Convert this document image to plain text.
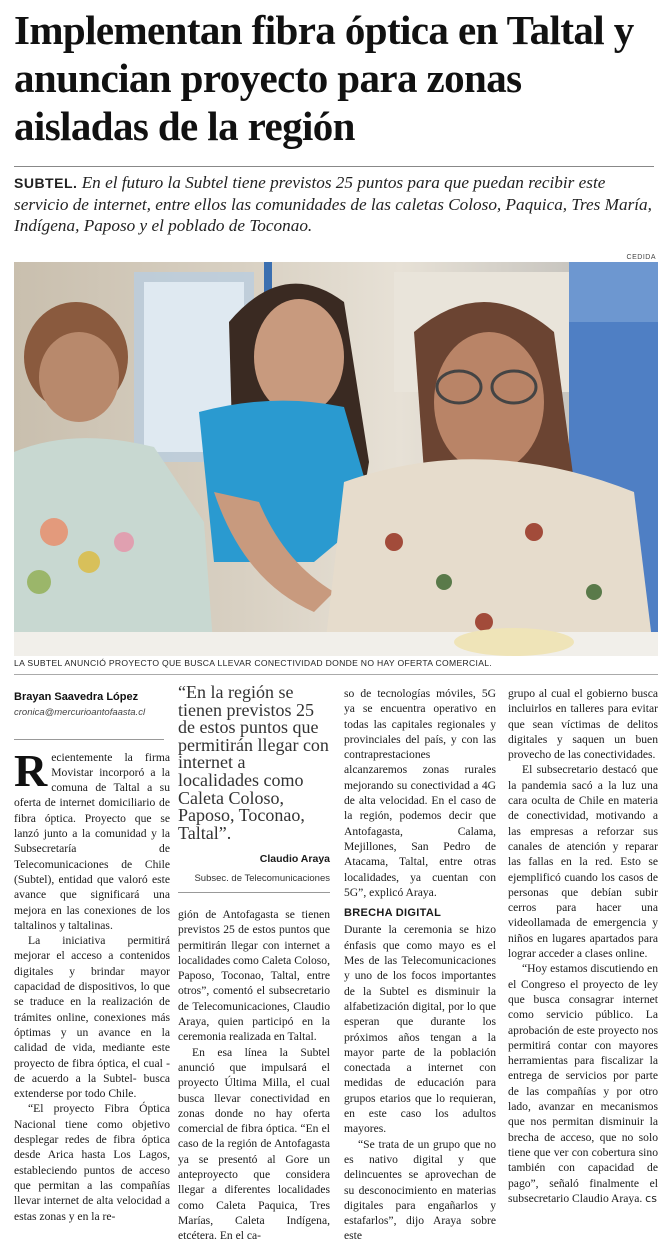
Implementan fibra óptica en Taltal y anuncian proyecto para zonas aisladas de la región
SUBTEL. En el futuro la Subtel tiene previstos 25 puntos para que puedan recibir este servicio de internet, entre ellos las comunidades de las caletas Coloso, Paquica, Tres María, Indígena, Paposo y el poblado de Toconao.
CEDIDA
LA SUBTEL ANUNCIÓ PROYECTO QUE BUSCA LLEVAR CONECTIVIDAD DONDE NO HAY OFERTA COMERCIAL.
Brayan Saavedra López
cronica@mercurioantofaasta.cl

Recientemente la firma Movistar incorporó a la comuna de Taltal a su oferta de internet domiciliario de fibra óptica. Proyecto que se lanzó junto a la comunidad y la Subsecretaría de Telecomunicaciones de Chile (Subtel), entidad que valoró este avance que significará una mejora en las conexiones de los taltalinos y taltalinas.

La iniciativa permitirá mejorar el acceso a contenidos digitales y brindar mayor capacidad de dispositivos, lo que se traduce en la realización de trámites online, conexiones más óptimas y un avance en la calidad de vida, mediante este proyecto de fibra óptica, el cual -de acuerdo a la Subtel- busca extenderse por todo Chile.

“El proyecto Fibra Óptica Nacional tiene como objetivo desplegar redes de fibra óptica desde Arica hasta Los Lagos, estableciendo puntos de acceso que permitan a las compañías llevar internet de alta velocidad a estas zonas y en la re-

“En la región se tienen previstos 25 de estos puntos que permitirán llegar con internet a localidades como Caleta Coloso, Paposo, Toconao, Taltal”.
Claudio Araya
Subsec. de Telecomunicaciones

gión de Antofagasta se tienen previstos 25 de estos puntos que permitirán llegar con internet a localidades como Caleta Coloso, Paposo, Toconao, Taltal, entre otros”, comentó el subsecretario de Telecomunicaciones, Claudio Araya, quien participó en la ceremonia realizada en Taltal.

En esa línea la Subtel anunció que impulsará el proyecto Última Milla, el cual busca llevar conectividad en zonas donde no hay oferta comercial de fibra óptica. “En el caso de la región de Antofagasta ya se presentó al Gore un anteproyecto que considera llegar a diferentes localidades como Caleta Paquica, Tres Marías, Caleta Indígena, etcétera. En el ca-

so de tecnologías móviles, 5G ya se encuentra operativo en todas las capitales regionales y provinciales del país, y con las contraprestaciones alcanzaremos zonas rurales mejorando su conectividad a 4G de alta velocidad. En el caso de la región, podemos decir que Antofagasta, Calama, Mejillones, San Pedro de Atacama, Taltal, entre otras localidades, ya cuentan con 5G”, explicó Araya.

BRECHA DIGITAL

Durante la ceremonia se hizo énfasis que como mayo es el Mes de las Telecomunicaciones y uno de los focos importantes de la Subtel es disminuir la alfabetización digital, por lo que esperan que durante los próximos años tengan a la mayor parte de la población conectada a internet con medidas de educación para grupos etarios que lo requieran, en este caso los adultos mayores.

“Se trata de un grupo que no es nativo digital y que delincuentes se aprovechan de su desconocimiento en materias digitales para engañarlos y estafarlos”, dijo Araya sobre este

grupo al cual el gobierno busca incluirlos en talleres para evitar que sean víctimas de delitos digitales y saquen un buen provecho de las conectividades.

El subsecretario destacó que la pandemia sacó a la luz una cara oculta de Chile en materia de conectividad, motivando a las empresas a reforzar sus canales de atención y reparar las fallas en la red. Esto se ejemplificó cuando los casos de personas que debían subir cerros para hacer una videollamada de emergencia y niños en lugares apartados para lograr acceder a clases online.

“Hoy estamos discutiendo en el Congreso el proyecto de ley que busca consagrar internet como servicio público. La aprobación de este proyecto nos permitirá contar con mayores herramientas para fiscalizar la entrega de servicios por parte de las compañías y por otro lado, avanzar en mecanismos que nos permitan disminuir la brecha de acceso, que no solo tiene que ver con cobertura sino también con capacidad de pago”, señaló finalmente el subsecretario Claudio Araya. cs
